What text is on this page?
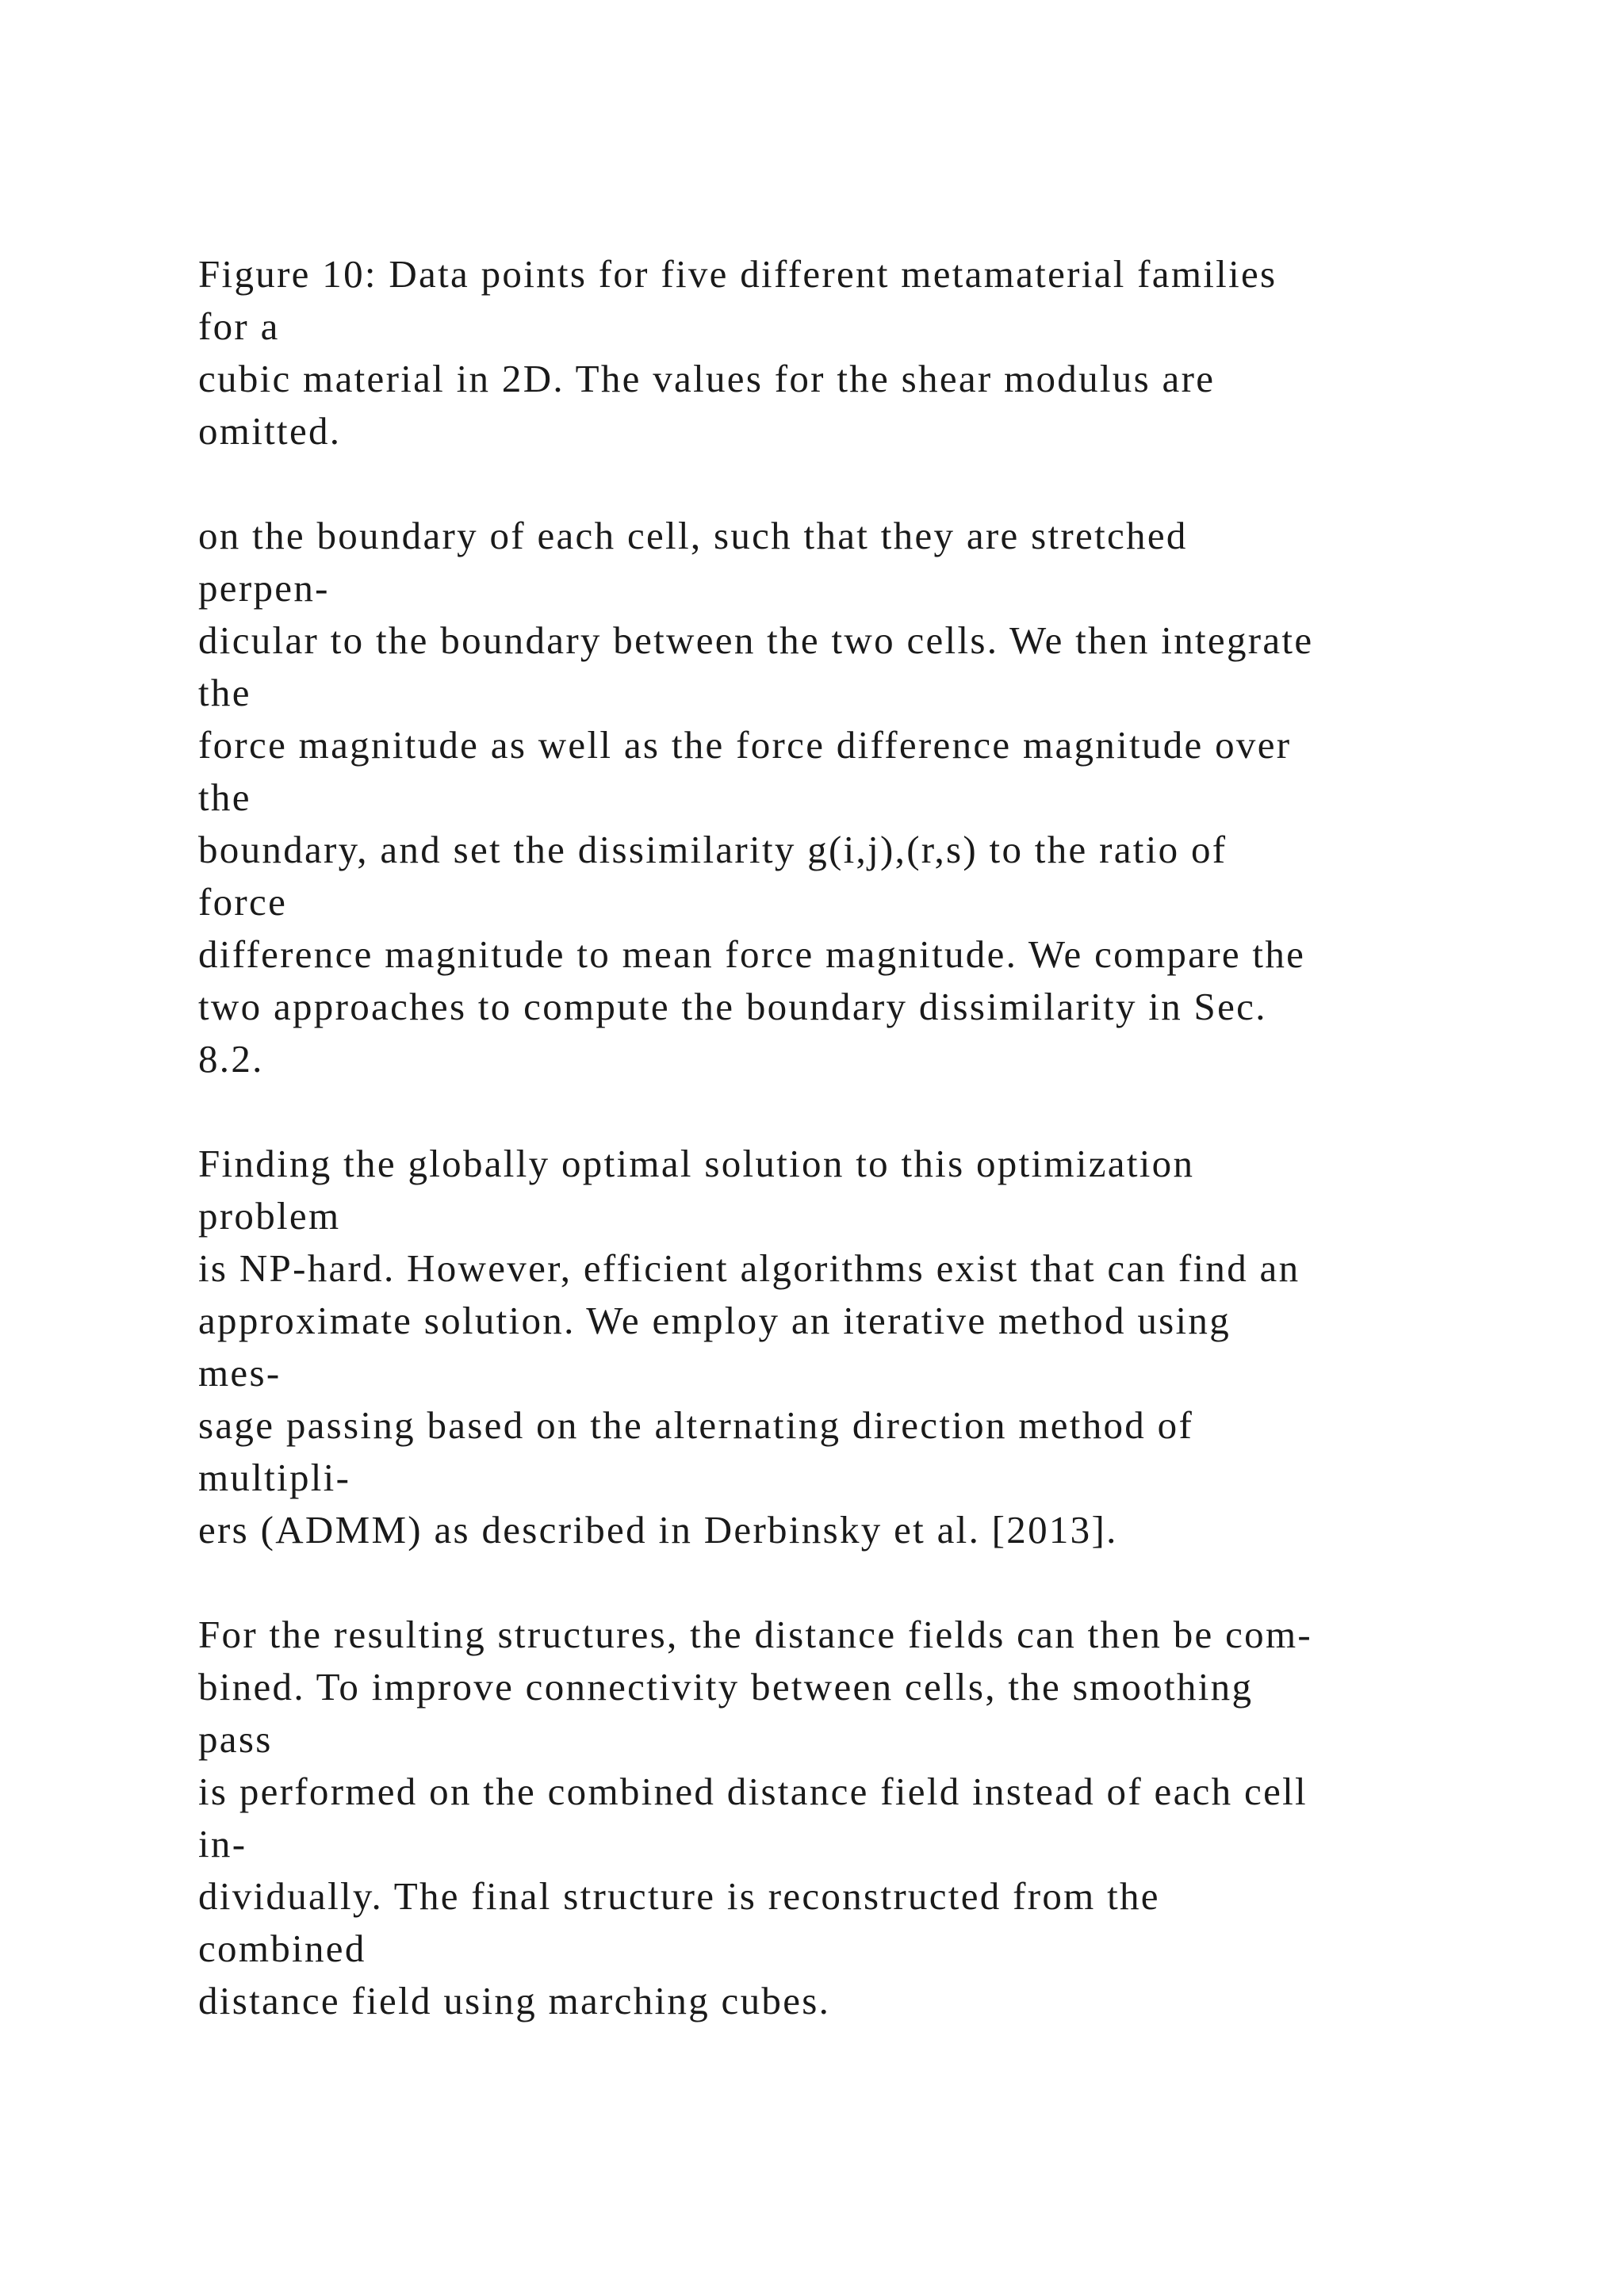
Figure 10: Data points for five different metamaterial families
for a
cubic material in 2D. The values for the shear modulus are
omitted.
on the boundary of each cell, such that they are stretched
perpen-
dicular to the boundary between the two cells. We then integrate
the
force magnitude as well as the force difference magnitude over
the
boundary, and set the dissimilarity g(i,j),(r,s) to the ratio of
force
difference magnitude to mean force magnitude. We compare the
two approaches to compute the boundary dissimilarity in Sec.
8.2.
Finding the globally optimal solution to this optimization
problem
is NP-hard. However, efficient algorithms exist that can find an
approximate solution. We employ an iterative method using
mes-
sage passing based on the alternating direction method of
multipli-
ers (ADMM) as described in Derbinsky et al. [2013].
For the resulting structures, the distance fields can then be com-
bined. To improve connectivity between cells, the smoothing
pass
is performed on the combined distance field instead of each cell
in-
dividually. The final structure is reconstructed from the
combined
distance field using marching cubes.
